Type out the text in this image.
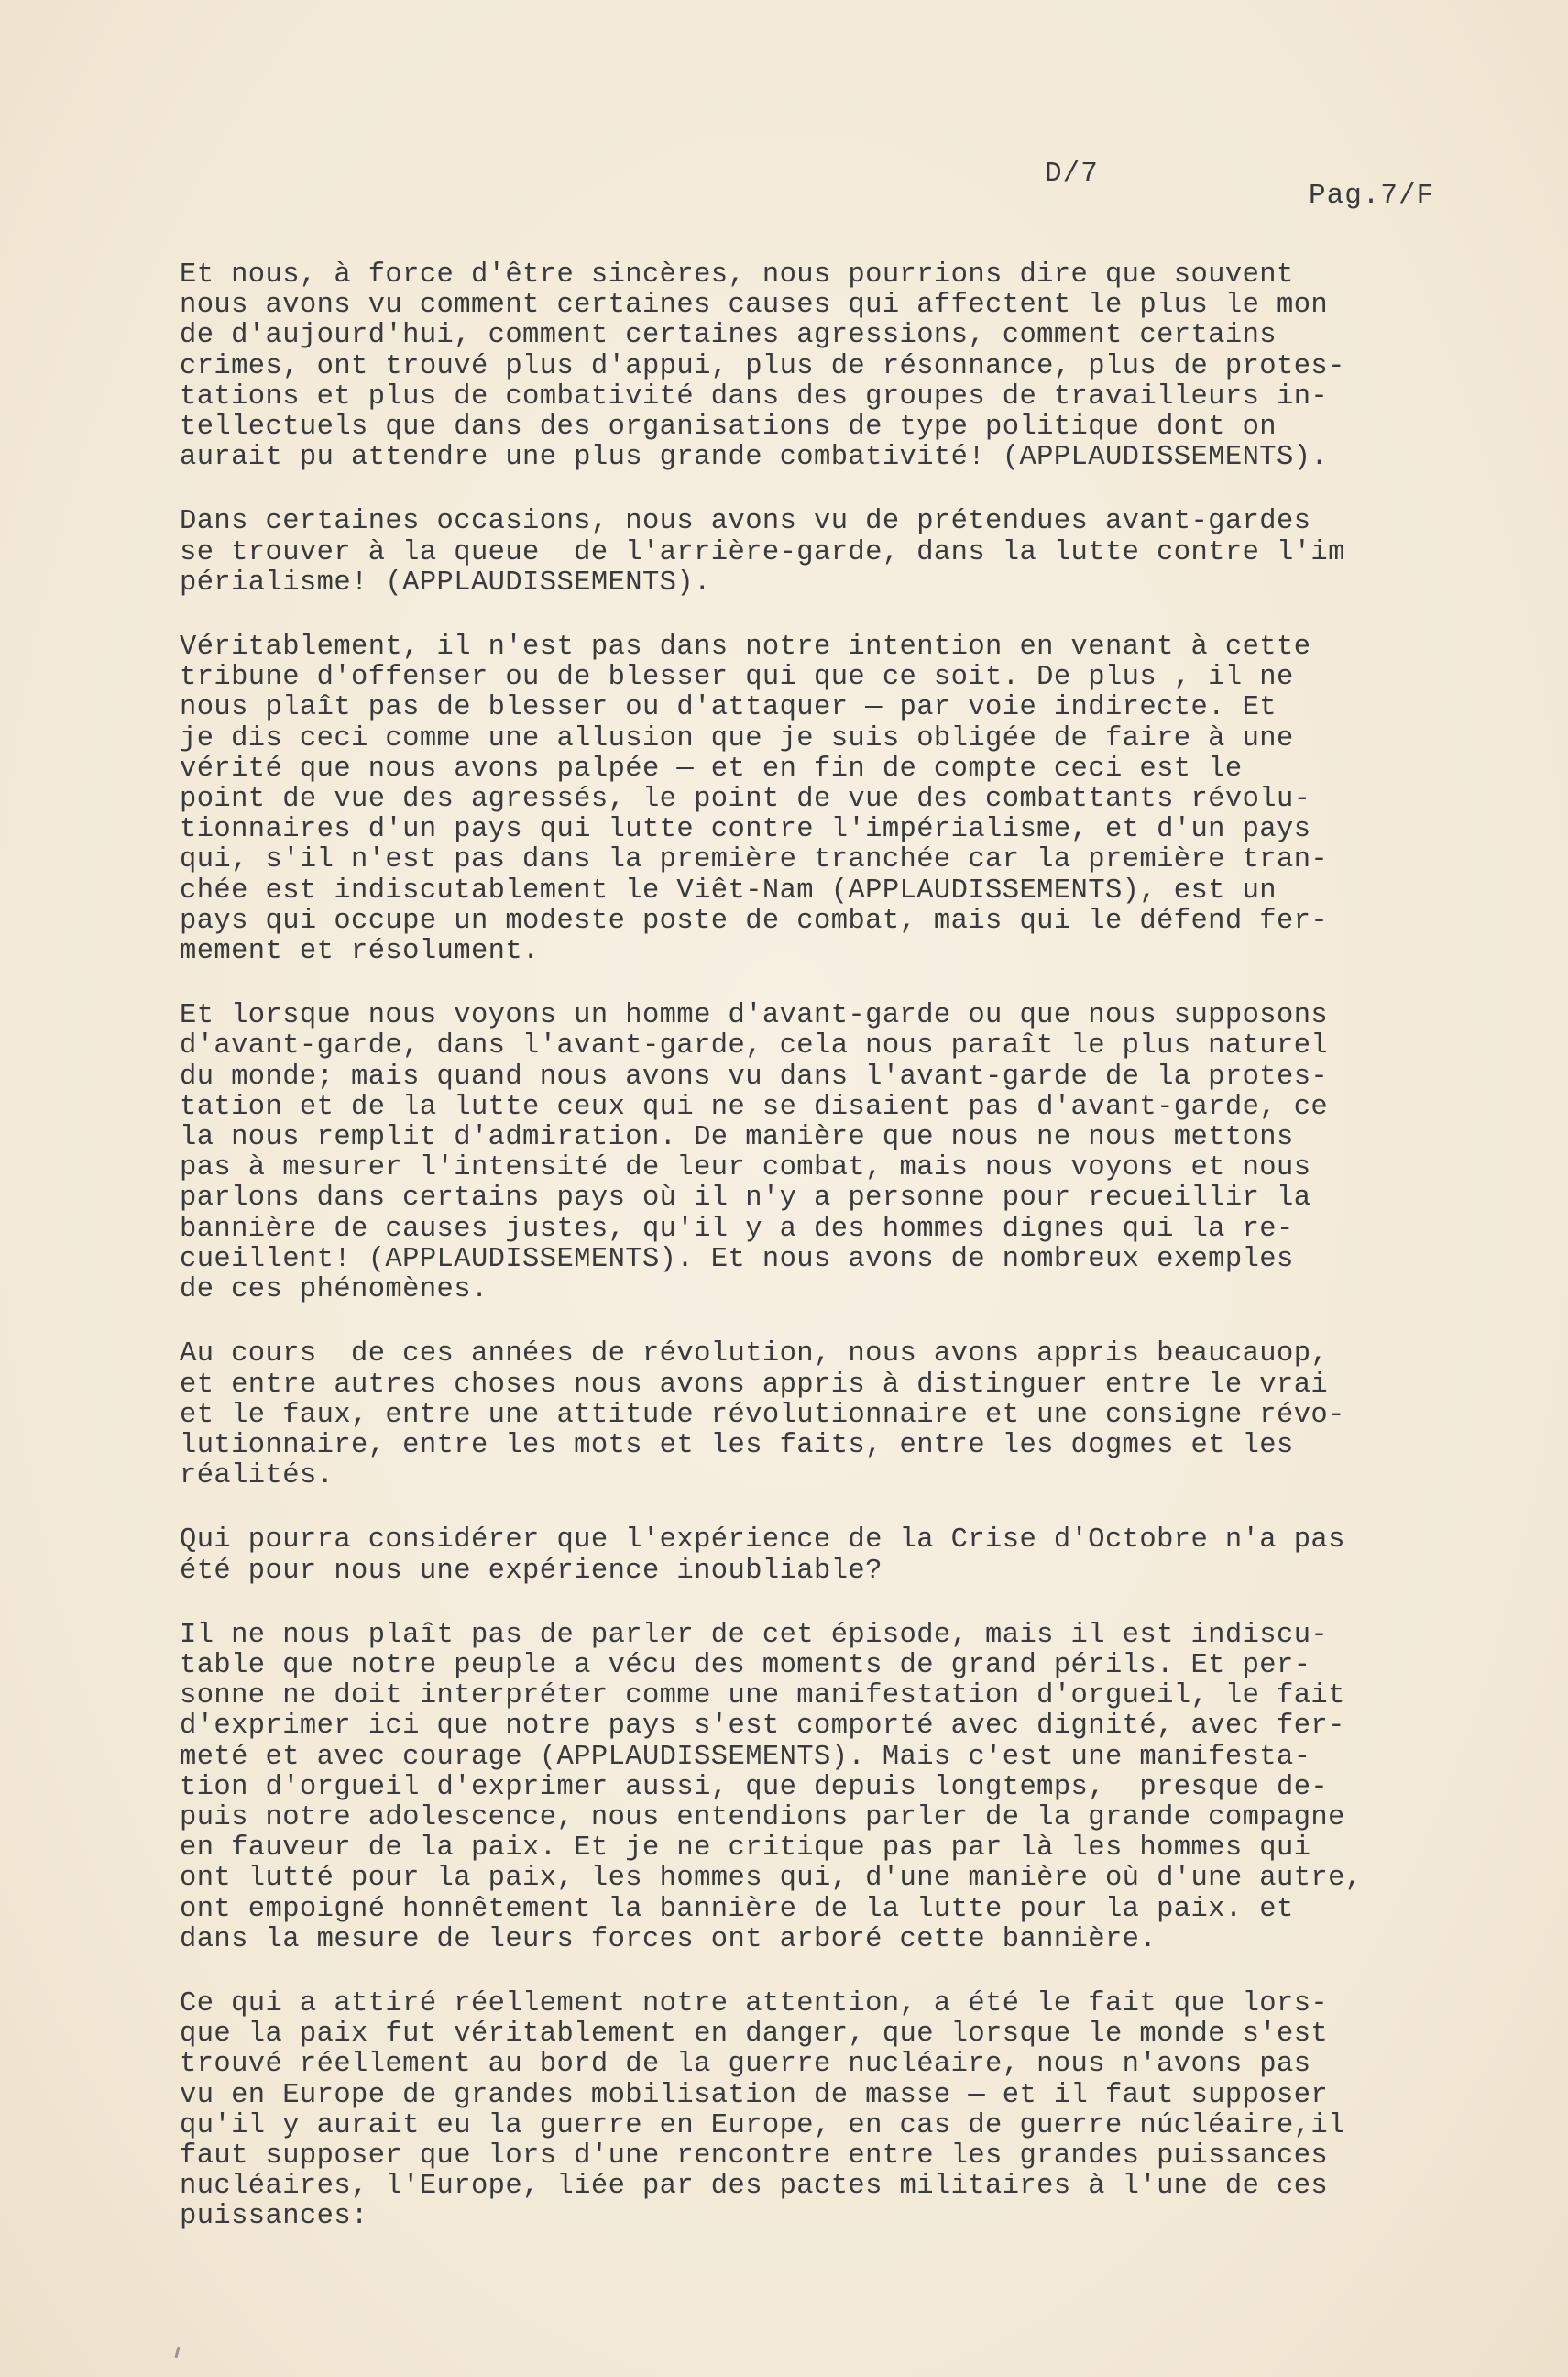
D/7
Pag.7/F
Et nous, à force d'être sincères, nous pourrions dire que souvent
nous avons vu comment certaines causes qui affectent le plus le mon
de d'aujourd'hui, comment certaines agressions, comment certains
crimes, ont trouvé plus d'appui, plus de résonnance, plus de protes-
tations et plus de combativité dans des groupes de travailleurs in-
tellectuels que dans des organisations de type politique dont on
aurait pu attendre une plus grande combativité! (APPLAUDISSEMENTS).
Dans certaines occasions, nous avons vu de prétendues avant-gardes
se trouver à la queue  de l'arrière-garde, dans la lutte contre l'im
périalisme! (APPLAUDISSEMENTS).
Véritablement, il n'est pas dans notre intention en venant à cette
tribune d'offenser ou de blesser qui que ce soit. De plus , il ne
nous plaît pas de blesser ou d'attaquer — par voie indirecte. Et
je dis ceci comme une allusion que je suis obligée de faire à une
vérité que nous avons palpée — et en fin de compte ceci est le
point de vue des agressés, le point de vue des combattants révolu-
tionnaires d'un pays qui lutte contre l'impérialisme, et d'un pays
qui, s'il n'est pas dans la première tranchée car la première tran-
chée est indiscutablement le Viêt-Nam (APPLAUDISSEMENTS), est un
pays qui occupe un modeste poste de combat, mais qui le défend fer-
mement et résolument.
Et lorsque nous voyons un homme d'avant-garde ou que nous supposons
d'avant-garde, dans l'avant-garde, cela nous paraît le plus naturel
du monde; mais quand nous avons vu dans l'avant-garde de la protes-
tation et de la lutte ceux qui ne se disaient pas d'avant-garde, ce
la nous remplit d'admiration. De manière que nous ne nous mettons
pas à mesurer l'intensité de leur combat, mais nous voyons et nous
parlons dans certains pays où il n'y a personne pour recueillir la
bannière de causes justes, qu'il y a des hommes dignes qui la re-
cueillent! (APPLAUDISSEMENTS). Et nous avons de nombreux exemples
de ces phénomènes.
Au cours  de ces années de révolution, nous avons appris beaucauop,
et entre autres choses nous avons appris à distinguer entre le vrai
et le faux, entre une attitude révolutionnaire et une consigne révo-
lutionnaire, entre les mots et les faits, entre les dogmes et les
réalités.
Qui pourra considérer que l'expérience de la Crise d'Octobre n'a pas
été pour nous une expérience inoubliable?
Il ne nous plaît pas de parler de cet épisode, mais il est indiscu-
table que notre peuple a vécu des moments de grand périls. Et per-
sonne ne doit interpréter comme une manifestation d'orgueil, le fait
d'exprimer ici que notre pays s'est comporté avec dignité, avec fer-
meté et avec courage (APPLAUDISSEMENTS). Mais c'est une manifesta-
tion d'orgueil d'exprimer aussi, que depuis longtemps,  presque de-
puis notre adolescence, nous entendions parler de la grande compagne
en fauveur de la paix. Et je ne critique pas par là les hommes qui
ont lutté pour la paix, les hommes qui, d'une manière où d'une autre,
ont empoigné honnêtement la bannière de la lutte pour la paix. et
dans la mesure de leurs forces ont arboré cette bannière.
Ce qui a attiré réellement notre attention, a été le fait que lors-
que la paix fut véritablement en danger, que lorsque le monde s'est
trouvé réellement au bord de la guerre nucléaire, nous n'avons pas
vu en Europe de grandes mobilisation de masse — et il faut supposer
qu'il y aurait eu la guerre en Europe, en cas de guerre núcléaire,il
faut supposer que lors d'une rencontre entre les grandes puissances
nucléaires, l'Europe, liée par des pactes militaires à l'une de ces
puissances:
